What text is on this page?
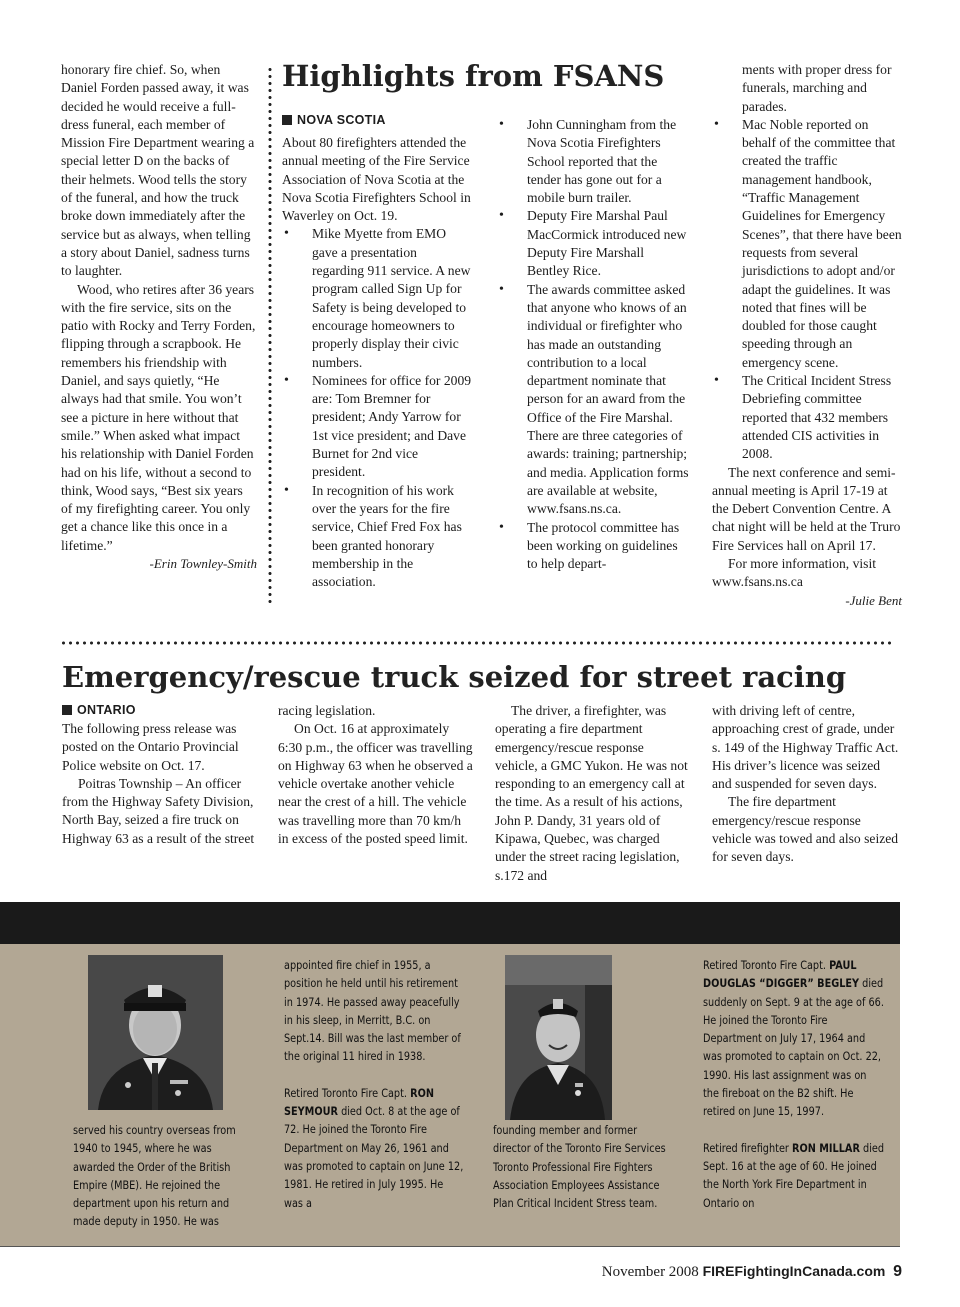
honorary fire chief. So, when Daniel Forden passed away, it was decided he would receive a full-dress funeral, each member of Mission Fire Department wearing a special letter D on the backs of their helmets. Wood tells the story of the funeral, and how the truck broke down immediately after the service but as always, when telling a story about Daniel, sadness turns to laughter.

Wood, who retires after 36 years with the fire service, sits on the patio with Rocky and Terry Forden, flipping through a scrapbook. He remembers his friendship with Daniel, and says quietly, “He always had that smile. You won’t see a picture in here without that smile.” When asked what impact his relationship with Daniel Forden had on his life, without a second to think, Wood says, “Best six years of my firefighting career. You only get a chance like this once in a lifetime.”

-Erin Townley-Smith

Highlights from FSANS
NOVA SCOTIA

About 80 firefighters attended the annual meeting of the Fire Service Association of Nova Scotia at the Nova Scotia Firefighters School in Waverley on Oct. 19.

• Mike Myette from EMO gave a presentation regarding 911 service. A new program called Sign Up for Safety is being developed to encourage homeowners to properly display their civic numbers.
• Nominees for office for 2009 are: Tom Bremner for president; Andy Yarrow for 1st vice president; and Dave Burnet for 2nd vice president.
• In recognition of his work over the years for the fire service, Chief Fred Fox has been granted honorary membership in the association.
• John Cunningham from the Nova Scotia Firefighters School reported that the tender has gone out for a mobile burn trailer.
• Deputy Fire Marshal Paul MacCormick introduced new Deputy Fire Marshall Bentley Rice.
• The awards committee asked that anyone who knows of an individual or firefighter who has made an outstanding contribution to a local department nominate that person for an award from the Office of the Fire Marshal. There are three categories of awards: training; partnership; and media. Application forms are available at website, www.fsans.ns.ca.
• The protocol committee has been working on guidelines to help depart-
ments with proper dress for funerals, marching and parades.
• Mac Noble reported on behalf of the committee that created the traffic management handbook, “Traffic Management Guidelines for Emergency Scenes”, that there have been requests from several jurisdictions to adopt and/or adapt the guidelines. It was noted that fines will be doubled for those caught speeding through an emergency scene.
• The Critical Incident Stress Debriefing committee reported that 432 members attended CIS activities in 2008.

The next conference and semi-annual meeting is April 17-19 at the Debert Convention Centre. A chat night will be held at the Truro Fire Services hall on April 17.

For more information, visit www.fsans.ns.ca

-Julie Bent

Emergency/rescue truck seized for street racing
ONTARIO

The following press release was posted on the Ontario Provincial Police website on Oct. 17.

Poitras Township – An officer from the Highway Safety Division, North Bay, seized a fire truck on Highway 63 as a result of the street

racing legislation.

On Oct. 16 at approximately 6:30 p.m., the officer was travelling on Highway 63 when he observed a vehicle overtake another vehicle near the crest of a hill. The vehicle was travelling more than 70 km/h in excess of the posted speed limit.

The driver, a firefighter, was operating a fire department emergency/rescue response vehicle, a GMC Yukon. He was not responding to an emergency call at the time. As a result of his actions, John P. Dandy, 31 years old of Kipawa, Quebec, was charged under the street racing legislation, s.172 and

with driving left of centre, approaching crest of grade, under s. 149 of the Highway Traffic Act. His driver’s licence was seized and suspended for seven days.

The fire department emergency/rescue response vehicle was towed and also seized for seven days.

served his country overseas from 1940 to 1945, where he was awarded the Order of the British Empire (MBE). He rejoined the department upon his return and made deputy in 1950. He was

appointed fire chief in 1955, a position he held until his retirement in 1974. He passed away peacefully in his sleep, in Merritt, B.C. on Sept.14. Bill was the last member of the original 11 hired in 1938.

Retired Toronto Fire Capt. RON SEYMOUR died Oct. 8 at the age of 72. He joined the Toronto Fire Department on May 26, 1961 and was promoted to captain on June 12, 1981. He retired in July 1995. He was a

founding member and former director of the Toronto Fire Services Toronto Professional Fire Fighters Association Employees Assistance Plan Critical Incident Stress team.

Retired Toronto Fire Capt. PAUL DOUGLAS “DIGGER” BEGLEY died suddenly on Sept. 9 at the age of 66. He joined the Toronto Fire Department on July 17, 1964 and was promoted to captain on Oct. 22, 1990. His last assignment was on the fireboat on the B2 shift. He retired on June 15, 1997.

Retired firefighter RON MILLAR died Sept. 16 at the age of 60. He joined the North York Fire Department in Ontario on

November 2008 FIREFightingInCanada.com 9
